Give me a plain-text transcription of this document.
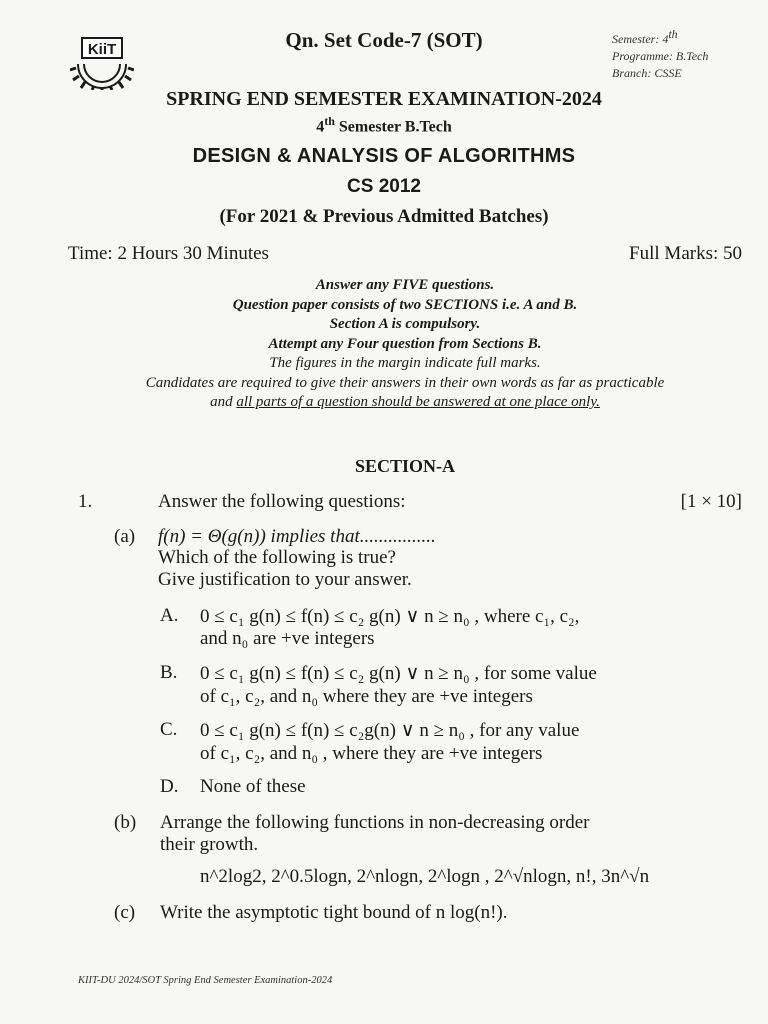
KiiT	Qn. Set Code-7 (SOT)	Semester: 4th
Programme: B.Tech
Branch: CSSE
SPRING END SEMESTER EXAMINATION-2024
4th Semester B.Tech
DESIGN & ANALYSIS OF ALGORITHMS
CS 2012
(For 2021 & Previous Admitted Batches)
Time: 2 Hours 30 Minutes	Full Marks: 50
Answer any FIVE questions.
Question paper consists of two SECTIONS i.e. A and B.
Section A is compulsory.
Attempt any Four question from Sections B.
The figures in the margin indicate full marks.
Candidates are required to give their answers in their own words as far as practicable
and all parts of a question should be answered at one place only.
SECTION-A
1.	Answer the following questions:	[1 × 10]
(a) f(n) = Θ(g(n)) implies that................
Which of the following is true?
Give justification to your answer.
A. 0 ≤ c₁ g(n) ≤ f(n) ≤ c₂ g(n) ∨ n ≥ n₀ , where c₁, c₂,
and n₀ are +ve integers
B. 0 ≤ c₁ g(n) ≤ f(n) ≤ c₂ g(n) ∨ n ≥ n₀ , for some value
of c₁, c₂, and n₀ where they are +ve integers
C. 0 ≤ c₁ g(n) ≤ f(n) ≤ c₂g(n) ∨ n ≥ n₀ , for any value
of c₁, c₂, and n₀ , where they are +ve integers
D. None of these
(b) Arrange the following functions in non-decreasing order
their growth.
n^2log2, 2^0.5logn, 2^nlogn, 2^logn , 2^√nlogn, n!, 3n^√n
(c) Write the asymptotic tight bound of n log(n!).
KIIT-DU 2024/SOT Spring End Semester Examination-2024
